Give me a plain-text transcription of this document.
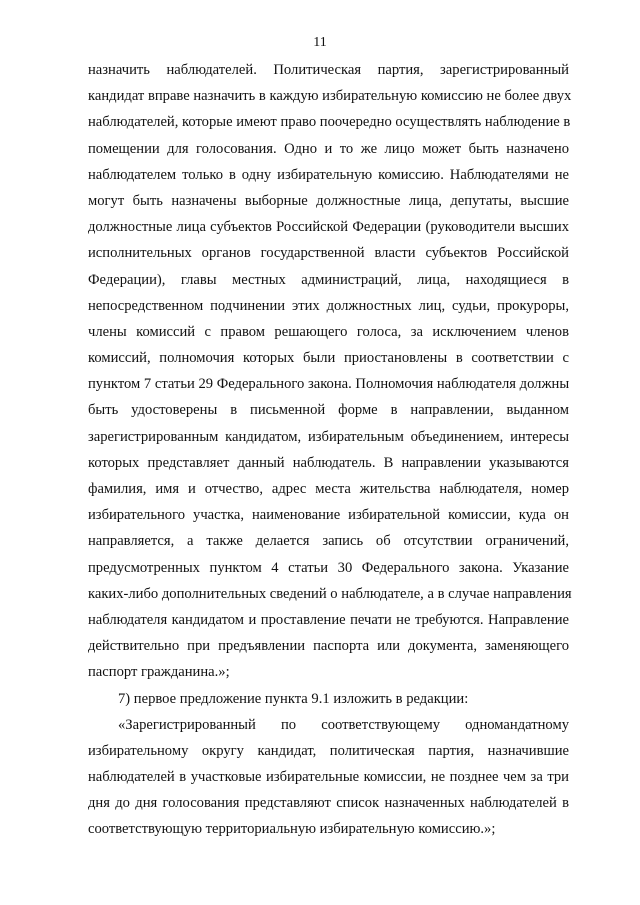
11
назначить наблюдателей. Политическая партия, зарегистрированный
кандидат вправе назначить в каждую избирательную комиссию не более двух
наблюдателей, которые имеют право поочередно осуществлять наблюдение в
помещении для голосования. Одно и то же лицо может быть назначено
наблюдателем только в одну избирательную комиссию. Наблюдателями не
могут быть назначены выборные должностные лица, депутаты, высшие
должностные лица субъектов Российской Федерации (руководители высших
исполнительных органов государственной власти субъектов Российской
Федерации), главы местных администраций, лица, находящиеся в
непосредственном подчинении этих должностных лиц, судьи, прокуроры,
члены комиссий с правом решающего голоса, за исключением членов
комиссий, полномочия которых были приостановлены в соответствии с
пунктом 7 статьи 29 Федерального закона. Полномочия наблюдателя должны
быть удостоверены в письменной форме в направлении, выданном
зарегистрированным кандидатом, избирательным объединением, интересы
которых представляет данный наблюдатель. В направлении указываются
фамилия, имя и отчество, адрес места жительства наблюдателя, номер
избирательного участка, наименование избирательной комиссии, куда он
направляется, а также делается запись об отсутствии ограничений,
предусмотренных пунктом 4 статьи 30 Федерального закона. Указание
каких-либо дополнительных сведений о наблюдателе, а в случае направления
наблюдателя кандидатом и проставление печати не требуются. Направление
действительно при предъявлении паспорта или документа, заменяющего
паспорт гражданина.»;
7) первое предложение пункта 9.1 изложить в редакции:
«Зарегистрированный по соответствующему одномандатному
избирательному округу кандидат, политическая партия, назначившие
наблюдателей в участковые избирательные комиссии, не позднее чем за три
дня до дня голосования представляют список назначенных наблюдателей в
соответствующую территориальную избирательную комиссию.»;
